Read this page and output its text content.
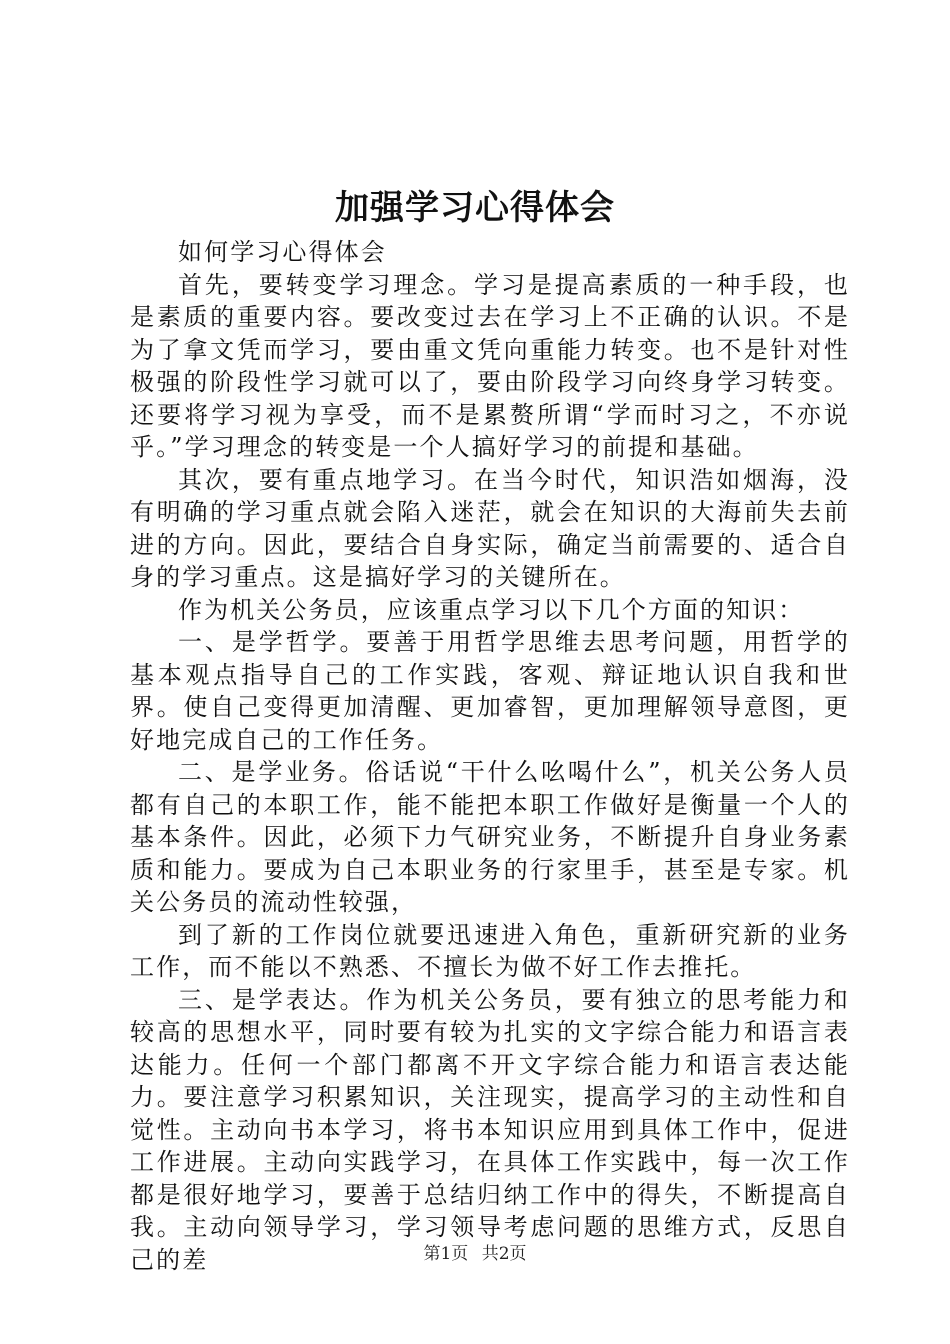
加强学习心得体会

如何学习心得体会

首先，要转变学习理念。学习是提高素质的一种手段，也是素质的重要内容。要改变过去在学习上不正确的认识。不是为了拿文凭而学习，要由重文凭向重能力转变。也不是针对性极强的阶段性学习就可以了，要由阶段学习向终身学习转变。还要将学习视为享受，而不是累赘所谓“学而时习之，不亦说乎。”学习理念的转变是一个人搞好学习的前提和基础。

其次，要有重点地学习。在当今时代，知识浩如烟海，没有明确的学习重点就会陷入迷茫，就会在知识的大海前失去前进的方向。因此，要结合自身实际，确定当前需要的、适合自身的学习重点。这是搞好学习的关键所在。

作为机关公务员，应该重点学习以下几个方面的知识：

一、是学哲学。要善于用哲学思维去思考问题，用哲学的基本观点指导自己的工作实践，客观、辩证地认识自我和世界。使自己变得更加清醒、更加睿智，更加理解领导意图，更好地完成自己的工作任务。

二、是学业务。俗话说“干什么吆喝什么”，机关公务人员都有自己的本职工作，能不能把本职工作做好是衡量一个人的基本条件。因此，必须下力气研究业务，不断提升自身业务素质和能力。要成为自己本职业务的行家里手，甚至是专家。机关公务员的流动性较强，

到了新的工作岗位就要迅速进入角色，重新研究新的业务工作，而不能以不熟悉、不擅长为做不好工作去推托。

三、是学表达。作为机关公务员，要有独立的思考能力和较高的思想水平，同时要有较为扎实的文字综合能力和语言表达能力。任何一个部门都离不开文字综合能力和语言表达能力。要注意学习积累知识，关注现实，提高学习的主动性和自觉性。主动向书本学习，将书本知识应用到具体工作中，促进工作进展。主动向实践学习，在具体工作实践中，每一次工作都是很好地学习，要善于总结归纳工作中的得失，不断提高自我。主动向领导学习，学习领导考虑问题的思维方式，反思自己的差	第1页 共2页
